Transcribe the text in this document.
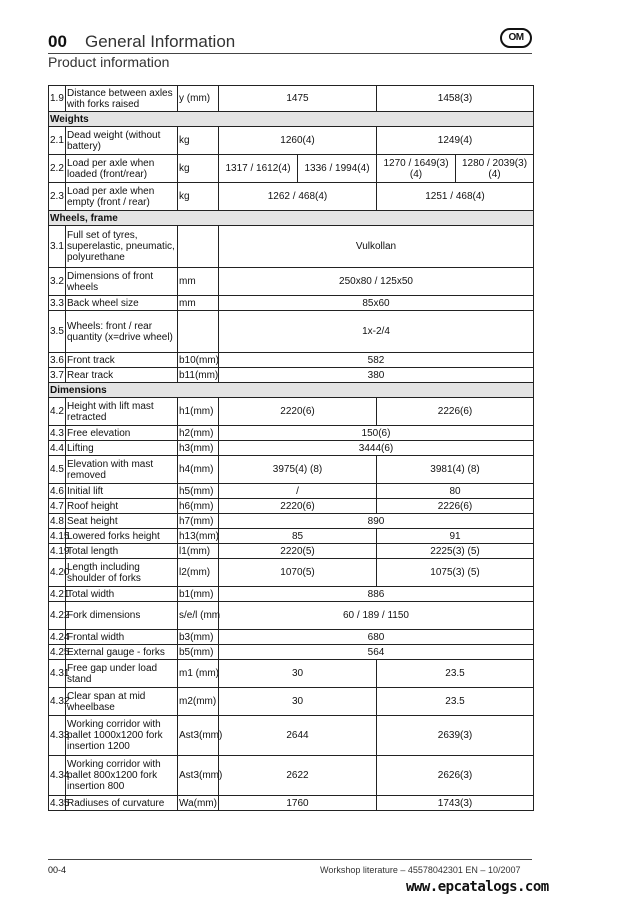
00 General Information
Product information
OM
1.9	Distance between axles with forks raised	y (mm)	1475		1458(3)	
Weights						
2.1	Dead weight (without battery)	kg	1260(4)		1249(4)	
2.2	Load per axle when loaded (front/rear)	kg	1317 / 1612(4)	1336 / 1994(4)	1270 / 1649(3) (4)	1280 / 2039(3) (4)
2.3	Load per axle when empty (front / rear)	kg	1262 / 468(4)		1251 / 468(4)	
Wheels, frame						
3.1	Full set of tyres, superelastic, pneumatic, polyurethane		Vulkollan			
3.2	Dimensions of front wheels	mm	250x80 / 125x50			
3.3	Back wheel size	mm	85x60			
3.5	Wheels: front / rear quantity (x=drive wheel)		1x-2/4			
3.6	Front track	b10(mm)	582			
3.7	Rear track	b11(mm)	380			
Dimensions						
4.2	Height with lift mast retracted	h1(mm)	2220(6)		2226(6)	
4.3	Free elevation	h2(mm)	150(6)			
4.4	Lifting	h3(mm)	3444(6)			
4.5	Elevation with mast removed	h4(mm)	3975(4) (8)		3981(4) (8)	
4.6	Initial lift	h5(mm)	/		80	
4.7	Roof height	h6(mm)	2220(6)		2226(6)	
4.8	Seat height	h7(mm)	890			
4.15	Lowered forks height	h13(mm)	85		91	
4.19	Total length	l1(mm)	2220(5)		2225(3) (5)	
4.20	Length including shoulder of forks	l2(mm)	1070(5)		1075(3) (5)	
4.21	Total width	b1(mm)	886			
4.22	Fork dimensions	s/e/l (mm	60 / 189 / 1150			
4.24	Frontal width	b3(mm)	680			
4.25	External gauge - forks	b5(mm)	564			
4.31	Free gap under load stand	m1 (mm)	30		23.5	
4.32	Clear span at mid wheelbase	m2(mm)	30		23.5	
4.33	Working corridor with pallet 1000x1200 fork insertion 1200	Ast3(mm)	2644		2639(3)	
4.34	Working corridor with pallet 800x1200 fork insertion 800	Ast3(mm)	2622		2626(3)	
4.35	Radiuses of curvature	Wa(mm)	1760		1743(3)	
00-4	Workshop literature – 45578042301 EN – 10/2007
www.epcatalogs.com
